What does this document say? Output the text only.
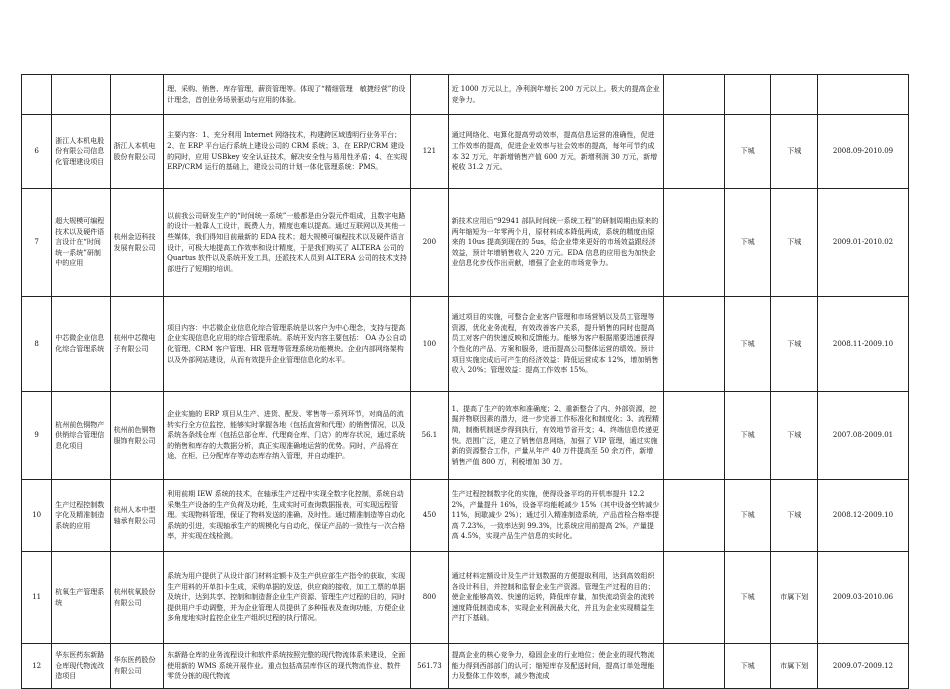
			理、采购、销售、库存管理，薪资管理等。体现了“精细管理　敏捷经营”的设计理念，首创业务场景驱动与应用的体验。		近 1000 万元以上，净利润年增长 200 万元以上。极大的提高企业竞争力。				
6	浙江人本机电股份有限公司信息化管理建设项目	浙江人本机电股份有限公司	主要内容：1、充分利用 Internet 网络技术，构建跨区域透明行业务平台；2、在 ERP 平台运行系统上建设公司的 CRM 系统；3、在 ERP/CRM 建设的同时，应用 USBkey 安全认证技术，解决安全性与易用性矛盾；4、在实现 ERP/CRM 运行的基础上，建设公司的计划一体化管理系统：PMS。	121	通过网络化、电算化提高劳动效率，提高信息运营的准确性，促进工作效率的提高，促进企业效率与社会效率的提高，每年可节约成本 32 万元，年新增销售产值 600 万元，新增利润 30 万元，新增税收 31.2 万元。		下城	下城	2008.09-2010.09
7	超大规模可编程技术以及硬件语言设计在“时间统一系统”研制中的应用	杭州金迈科技发展有限公司	以前我公司研发生产的“时间统一系统”一般都是由分裂元件组成，且数字电路的设计一般靠人工设计，既费人力，精度也难以提高。通过互联网以及其他一些媒体，我们得知目前最新的 EDA 技术；超大规模可编程技术以及硬件语言设计，可极大地提高工作效率和设计精度，于是我们购买了 ALTERA 公司的 Quartus 软件以及系统开发工具，还派技术人员到 ALTERA 公司的技术支持部进行了短期的培训。	200	新技术应用后“92941 部队时间统一系统工程”的研制周期由原来的两年缩短为一年零两个月，原材料成本降低两成，系统的精度由原来的 10us 提高到现在的 5us，给企业带来更好的市场效益跟经济效益，预计年增销售收入 220 万元。EDA 信息的应用也为加快企业信息化步伐作出贡献，增强了企业的市场竞争力。		下城	下城	2009.01-2010.02
8	中芯微企业信息化综合管理系统	杭州中芯微电子有限公司	项目内容：中芯微企业信息化综合管理系统是以客户为中心理念，支持与提高企业实现信息化应用的综合管理系统。系统开发内容主要包括： OA 办公自动化管理、CRM 客户管理、HR 管理等管理系统功能模块。企业内部网络架构以及外部网站建设，从而有效提升企业管理信息化的水平。	100	通过项目的实施，可整合企业客户管理和市场营销以及员工管理等资源，优化业务流程，有效改善客户关系，提升销售的同时也提高员工对客户的快速反映和反馈能力。能够为客户根据需要迅速获得个性化的产品、方案和服务，进而提高公司整体运营的绩效。预计项目实施完成后可产生的经济效益：降低运营成本 12%，增加销售收入 20%；管理效益：提高工作效率 15%。		下城	下城	2008.11-2009.10
9	杭州前色铜物产供销综合管理信息化项目	杭州前色铜物服饰有限公司	企业实施的 ERP 项目从生产、进货、配发、零售等一系列环节，对商品的流转实行全方位监控，能够实时掌握各地（包括直营和代理）的销售情况，以及系统各条线仓库（包括总部仓库、代理商仓库、门店）的库存状况，通过系统的销售和库存的大数据分析，真正实现准确地运营的优势。同时，产品将在途、在柜、已分配库存等动态库存纳入管理，并自动维护。	56.1	1、提高了生产的效率和准确度；2、重新整合了内、外部资源，挖掘并物联因素的潜力，进一步完善工作标准化和制度化；3、流程精简，制衡机制逐步得到执行，有效地节省开支；4、终端信息传递更快。范围广泛，建立了销售信息网络，加强了 VIP 管理，通过实施新的资源整合工作，产量从年产 40 万件提高至 50 余万件，新增销售产值 800 万，利税增加 30 万。		下城	下城	2007.08-2009.01
10	生产过程控制数字化及精准制造系统的应用	杭州人本中型轴承有限公司	利用前期 IEW 系统的技术，在轴承生产过程中实现全数字化控制，系统自动采集生产设备的生产负荷及功耗，生成实时可查询数据报表，可实现远程管理。实现物料管理，保证了物料发送的准确、及时性。通过精准制造等自动化系统的引进，实现轴承生产的规模化与自动化，保证产品的一致性与一次合格率，并实现在线检测。	450	生产过程控制数字化的实施，使得设备平均的开机率提升 12.22%，产量提升 16%，设备平均能耗减少 15%（其中设备空转减少 11%，间歇减少 2%）；通过引入精准制造系统，产品首检合格率提高 7.23%，一致率达到 99.3%，比系统应用前提高 2%，产量提高 4.5%，实现产品生产信息的实时化。		下城	下城	2008.12-2009.10
11	杭氧生产管理系统	杭州杭氧股份有限公司	系统为用户提供了从设计部门材料定额卡及生产供应部生产指令的获取，实现生产用料的开单扣卡生成，采购单据的发送，供应商的接收，加工工票的单据及统计，达到共享、控制和制造督企业生产资源、管理生产过程的目的，同时提供用户手动调整，并为企业管理人员提供了多种报表及查询功能，方便企业多角度地实时监控企业生产组织过程的执行情况。	800	通过材料定额设计及生产计划数据的方便提取利用，达到高效组织各设计科目，并控制和监督企业生产资源。管理生产过程的目的；使企业能够高效、快速的运转，降低库存量，加快流动资金的流转速度降低制造成本，实现企业利润最大化，并且为企业实现精益生产打下基础。		下城	市属下划	2009.03-2010.06
12	华东医药东新路仓库现代物流改造项目	华东医药股份有限公司	东新路仓库的业务流程设计和软件系统按照完整的现代物流体系来建设，全面使用新的 WMS 系统开展作业。重点包括高层库作区的现代物流作业、数件零货分拣的现代物流	561.73	提高企业的核心竞争力，稳固企业的行业地位；使企业的现代物流能力得到西部部门的认可；缩短库存及配送时间，提高订单处理能力及整体工作效率，减少物流成		下城	市属下划	2009.07-2009.12
